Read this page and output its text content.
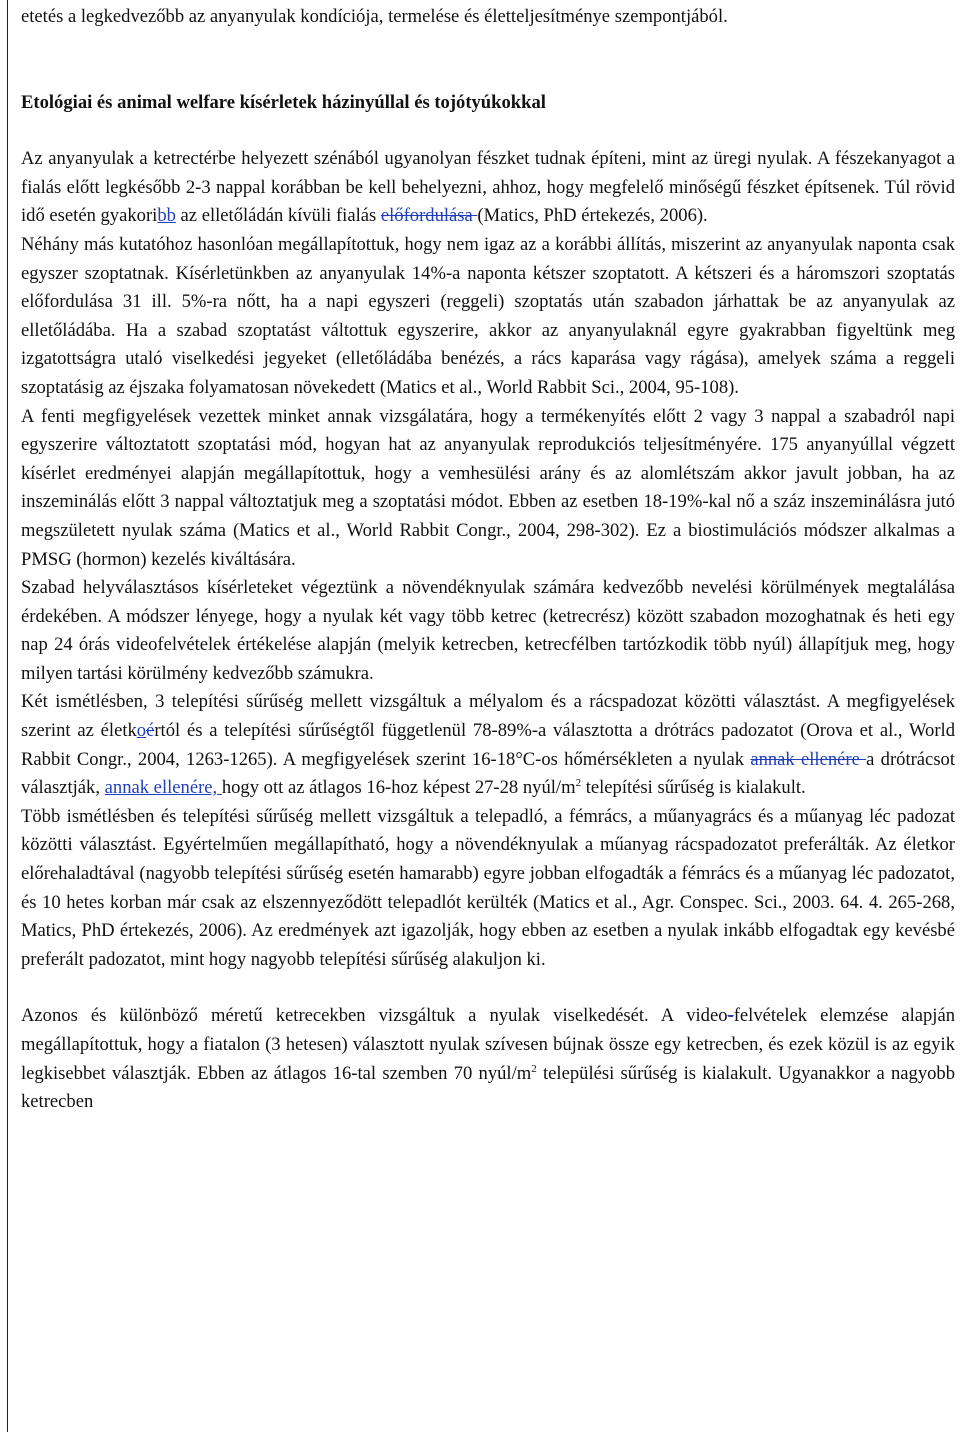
etetés a legkedvezőbb az anyanyulak kondíciója, termelése és életteljesítménye szempontjából.

Etológiai és animal welfare kísérletek házinyúllal és tojótyúkokkal

Az anyanyulak a ketrectérbe helyezett szénából ugyanolyan fészket tudnak építeni, mint az üregi nyulak. A fészekanyagot a fialás előtt legkésőbb 2-3 nappal korábban be kell behelyezni, ahhoz, hogy megfelelő minőségű fészket építsenek. Túl rövid idő esetén gyakoribb az elletőládán kívüli fialás előfordulása (Matics, PhD értekezés, 2006).

Néhány más kutatóhoz hasonlóan megállapítottuk, hogy nem igaz az a korábbi állítás, miszerint az anyanyulak naponta csak egyszer szoptatnak. Kísérletünkben az anyanyulak 14%-a naponta kétszer szoptatott. A kétszeri és a háromszori szoptatás előfordulása 31 ill. 5%-ra nőtt, ha a napi egyszeri (reggeli) szoptatás után szabadon járhattak be az anyanyulak az elletőládába. Ha a szabad szoptatást váltottuk egyszerire, akkor az anyanyulaknál egyre gyakrabban figyeltünk meg izgatottságra utaló viselkedési jegyeket (elletőládába benézés, a rács kaparása vagy rágása), amelyek száma a reggeli szoptatásig az éjszaka folyamatosan növekedett (Matics et al., World Rabbit Sci., 2004, 95-108).

A fenti megfigyelések vezettek minket annak vizsgálatára, hogy a termékenyítés előtt 2 vagy 3 nappal a szabadról napi egyszerire változtatott szoptatási mód, hogyan hat az anyanyulak reprodukciós teljesítményére. 175 anyanyúllal végzett kísérlet eredményei alapján megállapítottuk, hogy a vemhesülési arány és az alomlétszám akkor javult jobban, ha az inszeminálás előtt 3 nappal változtatjuk meg a szoptatási módot. Ebben az esetben 18-19%-kal nő a száz inszeminálásra jutó megszületett nyulak száma (Matics et al., World Rabbit Congr., 2004, 298-302). Ez a biostimulációs módszer alkalmas a PMSG (hormon) kezelés kiváltására.

Szabad helyválasztásos kísérleteket végeztünk a növendéknyulak számára kedvezőbb nevelési körülmények megtalálása érdekében. A módszer lényege, hogy a nyulak két vagy több ketrec (ketrecrész) között szabadon mozoghatnak és heti egy nap 24 órás videofelvételek értékelése alapján (melyik ketrecben, ketrecfélben tartózkodik több nyúl) állapítjuk meg, hogy milyen tartási körülmény kedvezőbb számukra.

Két ismétlésben, 3 telepítési sűrűség mellett vizsgáltuk a mélyalom és a rácspadozat közötti választást. A megfigyelések szerint az életkoértól és a telepítési sűrűségtől függetlenül 78-89%-a választotta a drótrács padozatot (Orova et al., World Rabbit Congr., 2004, 1263-1265). A megfigyelések szerint 16-18°C-os hőmérsékleten a nyulak annak ellenére a drótrácsot választják, annak ellenére, hogy ott az átlagos 16-hoz képest 27-28 nyúl/$m^2$ telepítési sűrűség is kialakult.

Több ismétlésben és telepítési sűrűség mellett vizsgáltuk a telepadló, a fémrács, a műanyagrács és a műanyag léc padozat közötti választást. Egyértelműen megállapítható, hogy a növendéknyulak a műanyag rácspadozatot preferálták. Az életkor előrehaladtával (nagyobb telepítési sűrűség esetén hamarabb) egyre jobban elfogadták a fémrács és a műanyag léc padozatot, és 10 hetes korban már csak az elszennyeződött telepadlót kerülték (Matics et al., Agr. Conspec. Sci., 2003. 64. 4. 265-268, Matics, PhD értekezés, 2006). Az eredmények azt igazolják, hogy ebben az esetben a nyulak inkább elfogadtak egy kevésbé preferált padozatot, mint hogy nagyobb telepítési sűrűség alakuljon ki.

Azonos és különböző méretű ketrecekben vizsgáltuk a nyulak viselkedését. A video-felvételek elemzése alapján megállapítottuk, hogy a fiatalon (3 hetesen) választott nyulak szívesen bújnak össze egy ketrecben, és ezek közül is az egyik legkisebbet választják. Ebben az átlagos 16-tal szemben 70 nyúl/$m^2$ települési sűrűség is kialakult. Ugyanakkor a nagyobb ketrecben
